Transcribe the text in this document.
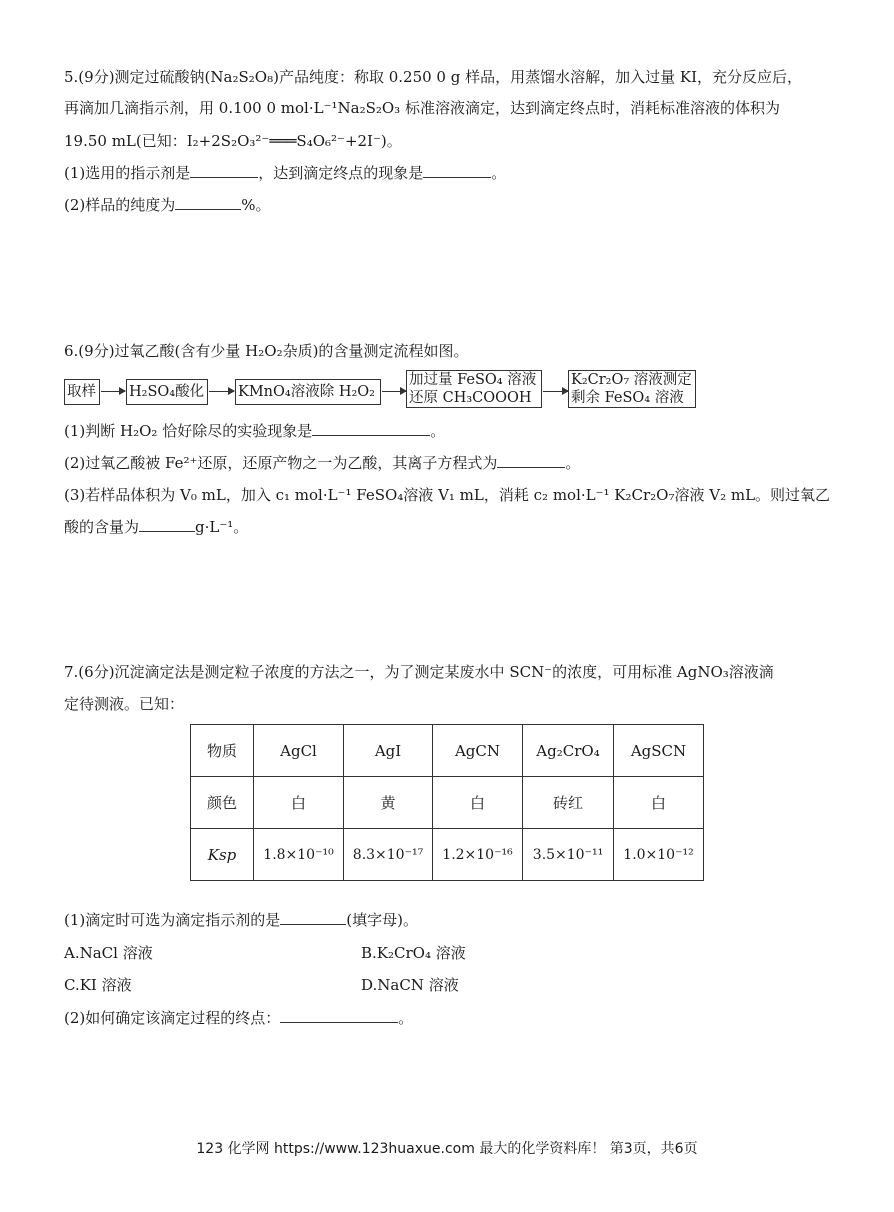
5.(9分)测定过硫酸钠(Na₂S₂O₈)产品纯度：称取 0.250 0 g 样品，用蒸馏水溶解，加入过量 KI，充分反应后，
再滴加几滴指示剂，用 0.100 0 mol·L⁻¹Na₂S₂O₃ 标准溶液滴定，达到滴定终点时，消耗标准溶液的体积为
19.50 mL(已知：I₂+2S₂O₃²⁻═══S₄O₆²⁻+2I⁻)。
(1)选用的指示剂是	，达到滴定终点的现象是	。
(2)样品的纯度为	%。
6.(9分)过氧乙酸(含有少量 H₂O₂杂质)的含量测定流程如图。
取样 H₂SO₄酸化 KMnO₄溶液除 H₂O₂
加过量 FeSO₄ 溶液
还原 CH₃COOOH
K₂Cr₂O₇ 溶液测定
剩余 FeSO₄ 溶液
(1)判断 H₂O₂ 恰好除尽的实验现象是	。
(2)过氧乙酸被 Fe²⁺还原，还原产物之一为乙酸，其离子方程式为	。
(3)若样品体积为 V₀ mL，加入 c₁ mol·L⁻¹ FeSO₄溶液 V₁ mL，消耗 c₂ mol·L⁻¹ K₂Cr₂O₇溶液 V₂ mL。则过氧乙
酸的含量为	g·L⁻¹。
7.(6分)沉淀滴定法是测定粒子浓度的方法之一，为了测定某废水中 SCN⁻的浓度，可用标准 AgNO₃溶液滴
定待测液。已知：
物质	AgCl	AgI	AgCN	Ag₂CrO₄	AgSCN
颜色	白	黄	白	砖红	白
Ksp	1.8×10⁻¹⁰	8.3×10⁻¹⁷	1.2×10⁻¹⁶	3.5×10⁻¹¹	1.0×10⁻¹²
(1)滴定时可选为滴定指示剂的是	(填字母)。
A.NaCl 溶液	B.K₂CrO₄ 溶液
C.KI 溶液	D.NaCN 溶液
(2)如何确定该滴定过程的终点：	。
123 化学网 https://www.123huaxue.com 最大的化学资料库！ 第3页，共6页
